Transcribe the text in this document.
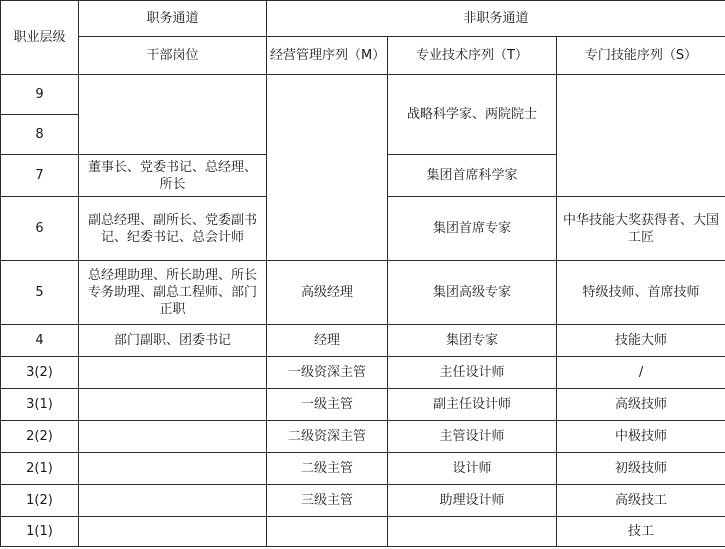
职业层级	职务通道	非职务通道		
	干部岗位	经营管理序列（M）	专业技术序列（T）	专门技能序列（S）
9			战略科学家、两院院士	
8				
7	董事长、党委书记、总经理、所长		集团首席科学家	
6	副总经理、副所长、党委副书记、纪委书记、总会计师		集团首席专家	中华技能大奖获得者、大国工匠
5	总经理助理、所长助理、所长专务助理、副总工程师、部门正职	高级经理	集团高级专家	特级技师、首席技师
4	部门副职、团委书记	经理	集团专家	技能大师
3(2)		一级资深主管	主任设计师	/
3(1)		一级主管	副主任设计师	高级技师
2(2)		二级资深主管	主管设计师	中极技师
2(1)		二级主管	设计师	初级技师
1(2)		三级主管	助理设计师	高级技工
1(1)				技工
